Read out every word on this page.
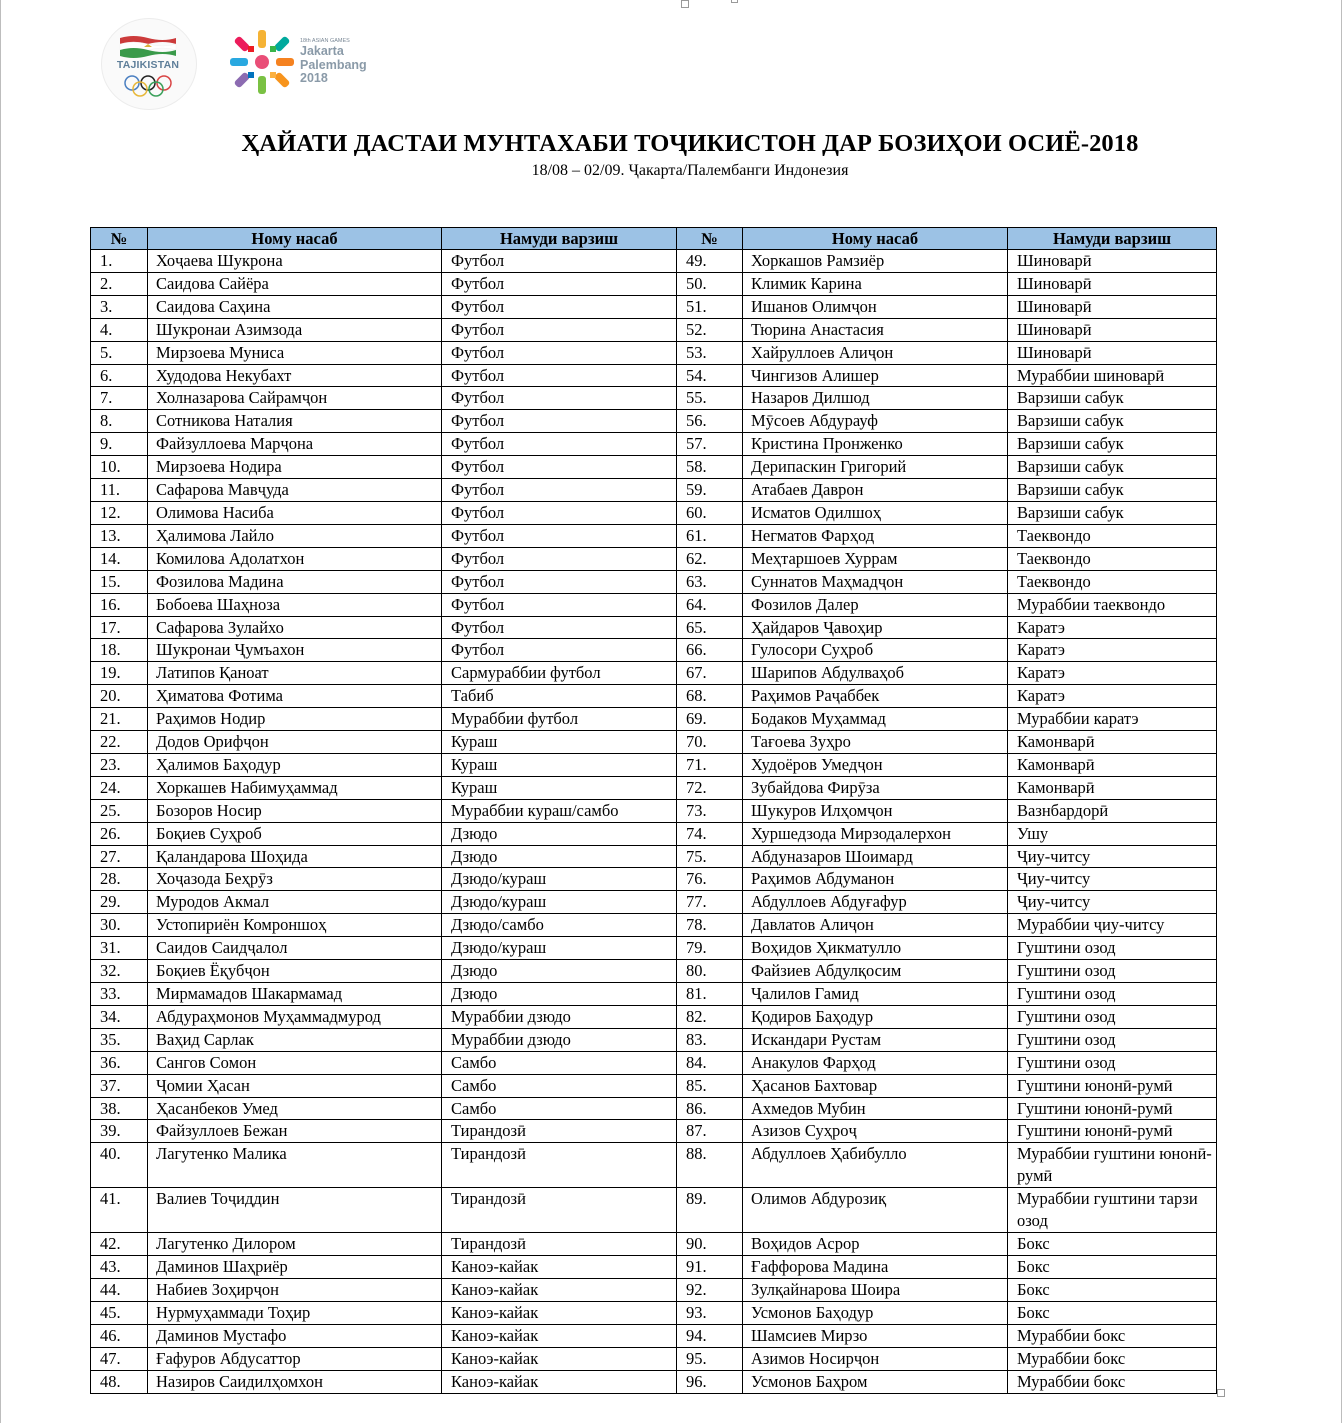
TAJIKISTAN
18th ASIAN GAMES
Jakarta
Palembang
2018
ҲАЙАТИ ДАСТАИ МУНТАХАБИ ТОҶИКИСТОН ДАР БОЗИҲОИ ОСИЁ-2018
18/08 – 02/09. Ҷакарта/Палембанги Индонезия
№	Ному насаб	Намуди варзиш	№	Ному насаб	Намуди варзиш
1.	Хоҷаева Шукрона	Футбол	49.	Хоркашов Рамзиёр	Шиноварӣ
2.	Саидова Сайёра	Футбол	50.	Климик Карина	Шиноварӣ
3.	Саидова Саҳина	Футбол	51.	Ишанов Олимҷон	Шиноварӣ
4.	Шукронаи Азимзода	Футбол	52.	Тюрина Анастасия	Шиноварӣ
5.	Мирзоева Муниса	Футбол	53.	Хайруллоев Алиҷон	Шиноварӣ
6.	Худодова Некубахт	Футбол	54.	Чингизов Алишер	Мураббии шиноварӣ
7.	Холназарова Сайрамҷон	Футбол	55.	Назаров Дилшод	Варзиши сабук
8.	Сотникова Наталия	Футбол	56.	Мӯсоев Абдурауф	Варзиши сабук
9.	Файзуллоева Марҷона	Футбол	57.	Кристина Пронженко	Варзиши сабук
10.	Мирзоева Нодира	Футбол	58.	Дерипаскин Григорий	Варзиши сабук
11.	Сафарова Мавҷуда	Футбол	59.	Атабаев Даврон	Варзиши сабук
12.	Олимова Насиба	Футбол	60.	Исматов Одилшоҳ	Варзиши сабук
13.	Ҳалимова Лайло	Футбол	61.	Негматов Фарҳод	Таеквондо
14.	Комилова Адолатхон	Футбол	62.	Меҳтаршоев Хуррам	Таеквондо
15.	Фозилова Мадина	Футбол	63.	Суннатов Маҳмадҷон	Таеквондо
16.	Бобоева Шаҳноза	Футбол	64.	Фозилов Далер	Мураббии таеквондо
17.	Сафарова Зулайхо	Футбол	65.	Ҳайдаров Ҷавоҳир	Каратэ
18.	Шукронаи Ҷумъахон	Футбол	66.	Гулосори Суҳроб	Каратэ
19.	Латипов Қаноат	Сармураббии футбол	67.	Шарипов Абдулваҳоб	Каратэ
20.	Ҳиматова Фотима	Табиб	68.	Раҳимов Раҷаббек	Каратэ
21.	Раҳимов Нодир	Мураббии футбол	69.	Бодаков Муҳаммад	Мураббии каратэ
22.	Додов Орифҷон	Кураш	70.	Тағоева Зуҳро	Камонварӣ
23.	Ҳалимов Баҳодур	Кураш	71.	Худоёров Умедҷон	Камонварӣ
24.	Хоркашев Набимуҳаммад	Кураш	72.	Зубайдова Фирӯза	Камонварӣ
25.	Бозоров Носир	Мураббии кураш/самбо	73.	Шукуров Илҳомҷон	Вазнбардорӣ
26.	Боқиев Суҳроб	Дзюдо	74.	Хуршедзода Мирзодалерхон	Ушу
27.	Қаландарова Шоҳида	Дзюдо	75.	Абдуназаров Шоимард	Ҷиу-читсу
28.	Хоҷазода Беҳрӯз	Дзюдо/кураш	76.	Раҳимов Абдуманон	Ҷиу-читсу
29.	Муродов Акмал	Дзюдо/кураш	77.	Абдуллоев Абдуғафур	Ҷиу-читсу
30.	Устопириён Комроншоҳ	Дзюдо/самбо	78.	Давлатов Алиҷон	Мураббии ҷиу-читсу
31.	Саидов Саидҷалол	Дзюдо/кураш	79.	Воҳидов Ҳикматулло	Гуштини озод
32.	Боқиев Ёқубҷон	Дзюдо	80.	Файзиев Абдулқосим	Гуштини озод
33.	Мирмамадов Шакармамад	Дзюдо	81.	Ҷалилов Гамид	Гуштини озод
34.	Абдураҳмонов Муҳаммадмурод	Мураббии дзюдо	82.	Қодиров Баҳодур	Гуштини озод
35.	Ваҳид Сарлак	Мураббии дзюдо	83.	Искандари Рустам	Гуштини озод
36.	Сангов Сомон	Самбо	84.	Анакулов Фарҳод	Гуштини озод
37.	Ҷомии Ҳасан	Самбо	85.	Ҳасанов Бахтовар	Гуштини юнонӣ-румӣ
38.	Ҳасанбеков Умед	Самбо	86.	Ахмедов Мубин	Гуштини юнонӣ-румӣ
39.	Файзуллоев Бежан	Тирандозӣ	87.	Азизов Суҳроҷ	Гуштини юнонӣ-румӣ
40.	Лагутенко Малика	Тирандозӣ	88.	Абдуллоев Ҳабибулло	Мураббии гуштини юнонӣ-румӣ
41.	Валиев Тоҷиддин	Тирандозӣ	89.	Олимов Абдурозиқ	Мураббии гуштини тарзи озод
42.	Лагутенко Дилором	Тирандозӣ	90.	Воҳидов Асрор	Бокс
43.	Даминов Шаҳриёр	Каноэ-кайак	91.	Ғаффорова Мадина	Бокс
44.	Набиев Зоҳирҷон	Каноэ-кайак	92.	Зулқайнарова Шоира	Бокс
45.	Нурмуҳаммади Тоҳир	Каноэ-кайак	93.	Усмонов Баҳодур	Бокс
46.	Даминов Мустафо	Каноэ-кайак	94.	Шамсиев Мирзо	Мураббии бокс
47.	Ғафуров Абдусаттор	Каноэ-кайак	95.	Азимов Носирҷон	Мураббии бокс
48.	Назиров Саидилҳомхон	Каноэ-кайак	96.	Усмонов Баҳром	Мураббии бокс
